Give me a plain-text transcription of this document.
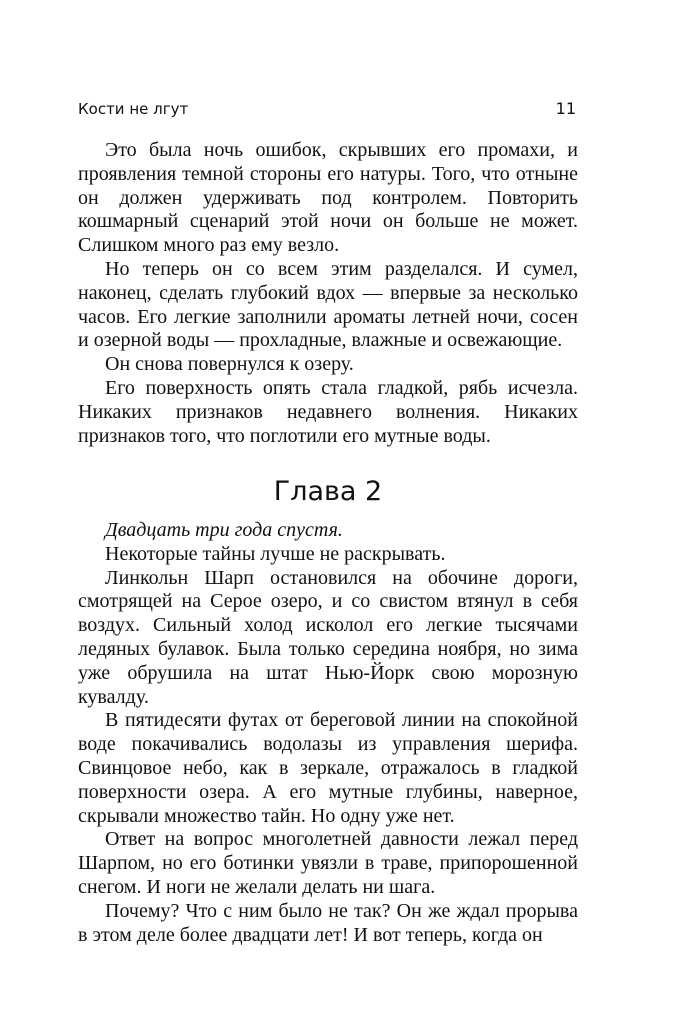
Кости не лгут	11

Это была ночь ошибок, скрывших его промахи, и проявления темной стороны его натуры. Того, что отныне он должен удерживать под контролем. Повторить кошмарный сценарий этой ночи он больше не может. Слишком много раз ему везло.

Но теперь он со всем этим разделался. И сумел, наконец, сделать глубокий вдох — впервые за несколько часов. Его легкие заполнили ароматы летней ночи, сосен и озерной воды — прохладные, влажные и освежающие.

Он снова повернулся к озеру.

Его поверхность опять стала гладкой, рябь исчезла. Никаких признаков недавнего волнения. Никаких признаков того, что поглотили его мутные воды.

Глава 2

Двадцать три года спустя.

Некоторые тайны лучше не раскрывать.

Линкольн Шарп остановился на обочине дороги, смотрящей на Серое озеро, и со свистом втянул в себя воздух. Сильный холод исколол его легкие тысячами ледяных булавок. Была только середина ноября, но зима уже обрушила на штат Нью-Йорк свою морозную кувалду.

В пятидесяти футах от береговой линии на спокойной воде покачивались водолазы из управления шерифа. Свинцовое небо, как в зеркале, отражалось в гладкой поверхности озера. А его мутные глубины, наверное, скрывали множество тайн. Но одну уже нет.

Ответ на вопрос многолетней давности лежал перед Шарпом, но его ботинки увязли в траве, припорошенной снегом. И ноги не желали делать ни шага.

Почему? Что с ним было не так? Он же ждал прорыва в этом деле более двадцати лет! И вот теперь, когда он
